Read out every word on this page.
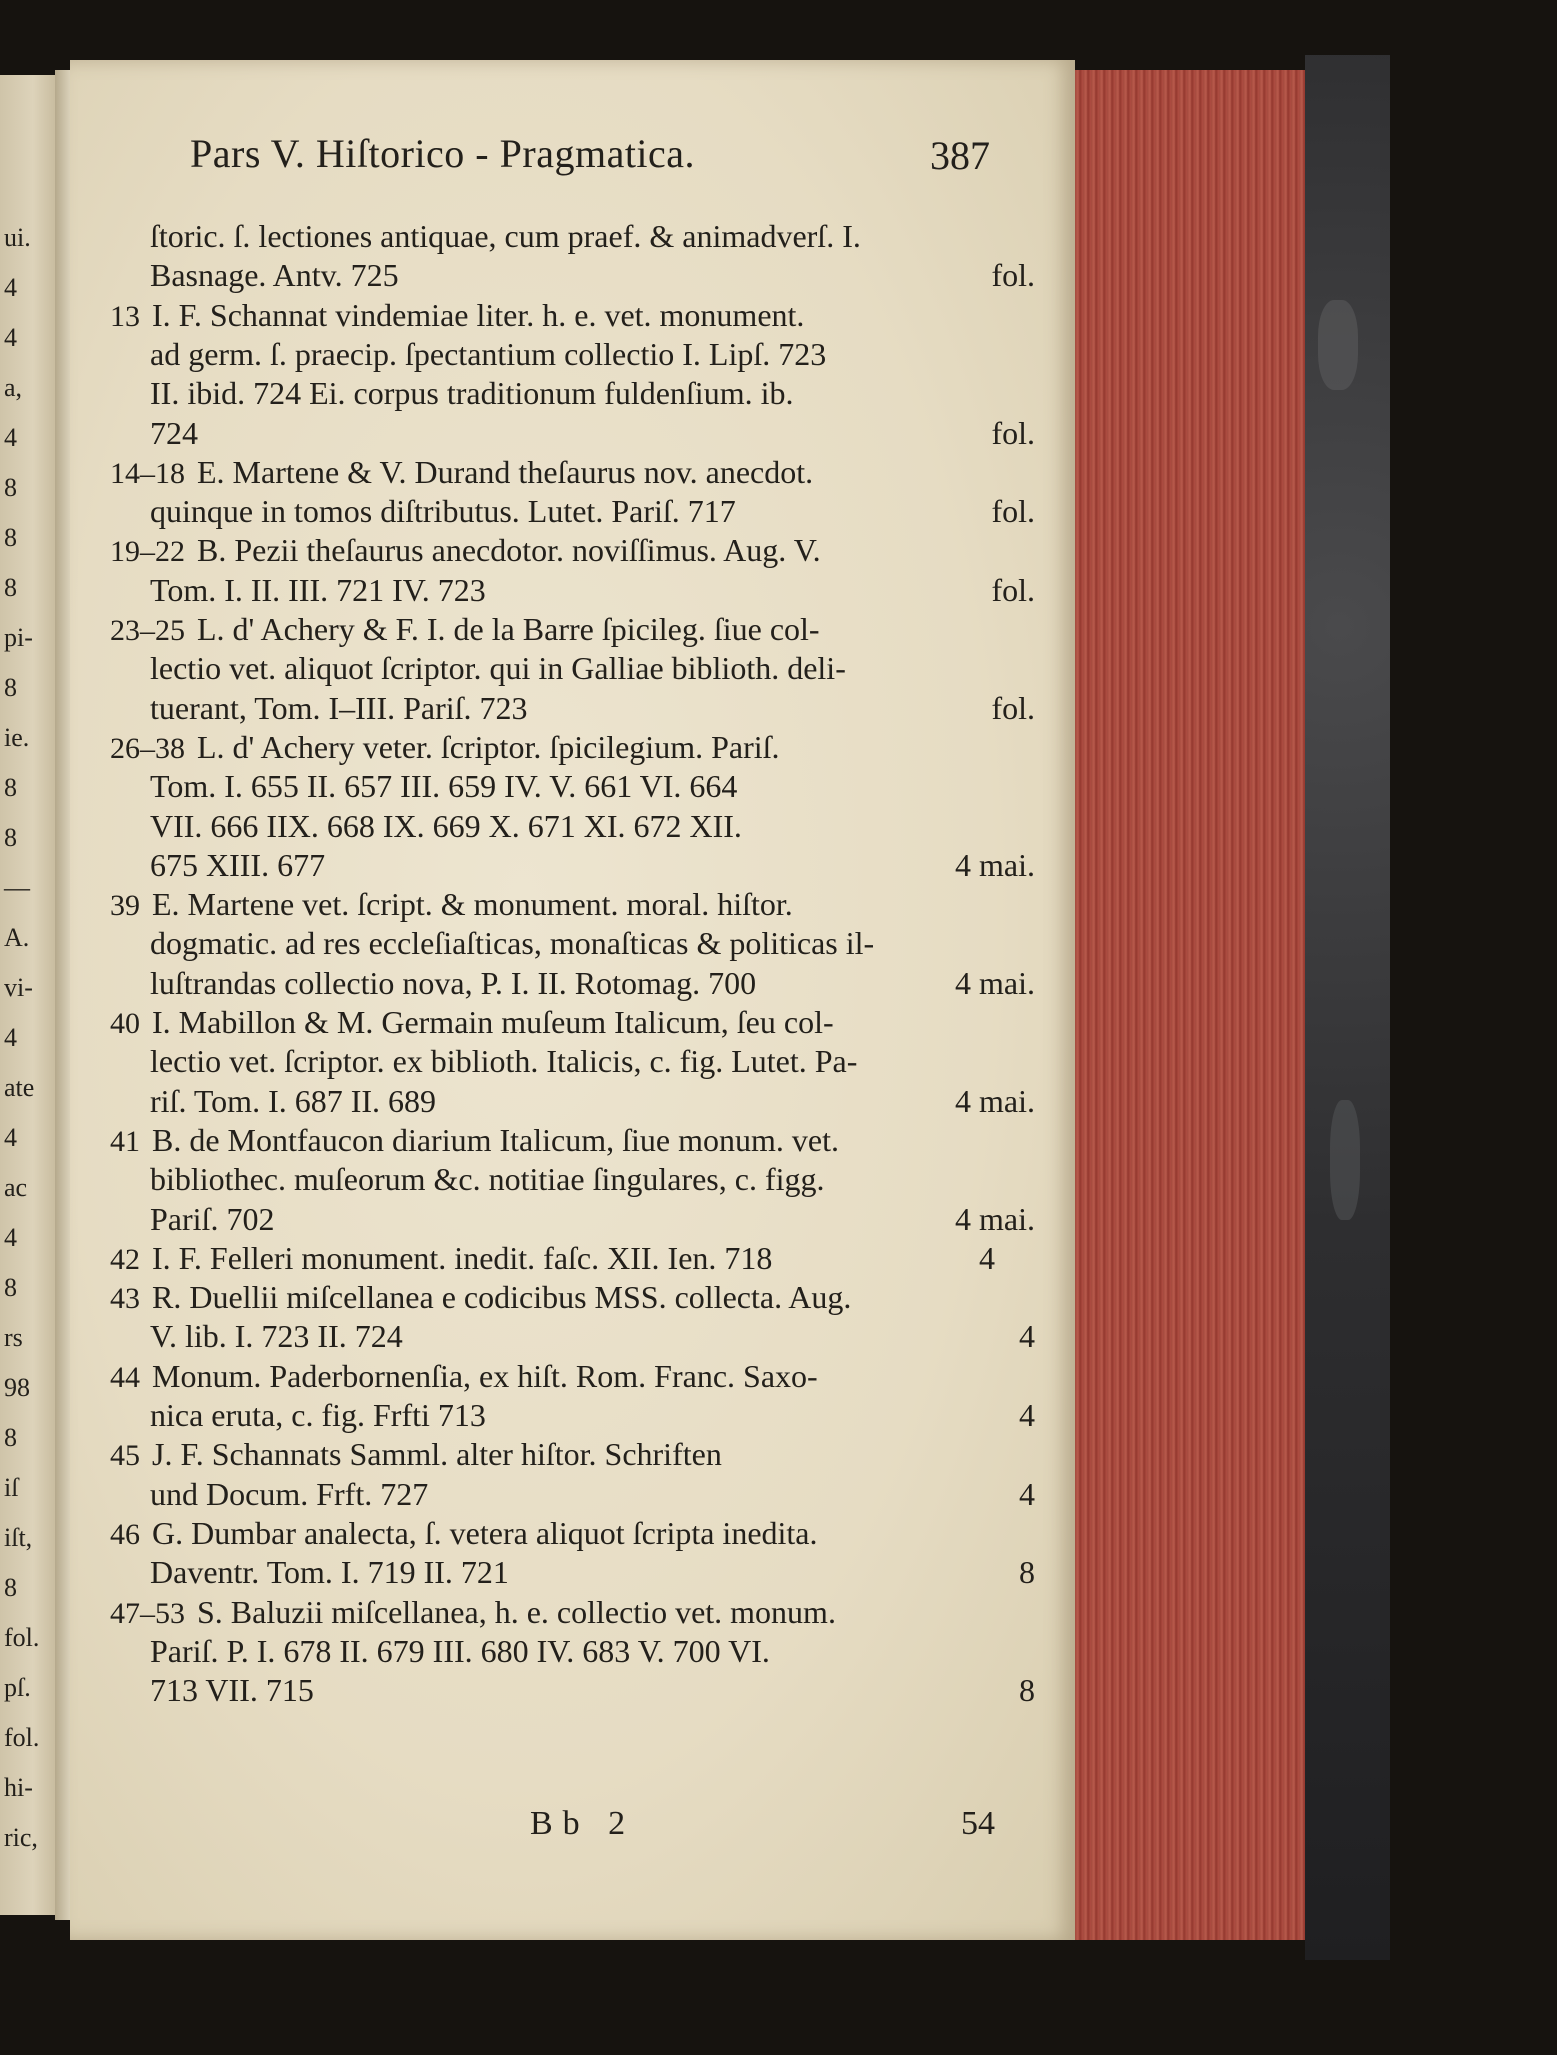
ui.
4
4
a,
4
8
8
8
pi-
8
ie.
8
8
—
A.
vi-
4
ate
4
ac
4
8
rs
98
8
iſ
iſt,
8
fol.
pſ.
fol.
hi-
ric,
Pars V. Hiſtorico - Pragmatica.	387
ſtoric. ſ. lectiones antiquae, cum praef. & animadverſ. I.
Basnage. Antv. 725	fol.
13 I. F. Schannat vindemiae liter. h. e. vet. monument.
ad germ. ſ. praecip. ſpectantium collectio I. Lipſ. 723
II. ibid. 724 Ei. corpus traditionum fuldenſium. ib.
724	fol.
14–18 E. Martene & V. Durand theſaurus nov. anecdot.
quinque in tomos diſtributus. Lutet. Pariſ. 717	fol.
19–22 B. Pezii theſaurus anecdotor. noviſſimus. Aug. V.
Tom. I. II. III. 721 IV. 723	fol.
23–25 L. d' Achery & F. I. de la Barre ſpicileg. ſiue col-
lectio vet. aliquot ſcriptor. qui in Galliae biblioth. deli-
tuerant, Tom. I–III. Pariſ. 723	fol.
26–38 L. d' Achery veter. ſcriptor. ſpicilegium. Pariſ.
Tom. I. 655 II. 657 III. 659 IV. V. 661 VI. 664
VII. 666 IIX. 668 IX. 669 X. 671 XI. 672 XII.
675 XIII. 677	4 mai.
39 E. Martene vet. ſcript. & monument. moral. hiſtor.
dogmatic. ad res eccleſiaſticas, monaſticas & politicas il-
luſtrandas collectio nova, P. I. II. Rotomag. 700	4 mai.
40 I. Mabillon & M. Germain muſeum Italicum, ſeu col-
lectio vet. ſcriptor. ex biblioth. Italicis, c. fig. Lutet. Pa-
riſ. Tom. I. 687 II. 689	4 mai.
41 B. de Montfaucon diarium Italicum, ſiue monum. vet.
bibliothec. muſeorum &c. notitiae ſingulares, c. figg.
Pariſ. 702	4 mai.
42 I. F. Felleri monument. inedit. faſc. XII. Ien. 718	4
43 R. Duellii miſcellanea e codicibus MSS. collecta. Aug.
V. lib. I. 723 II. 724	4
44 Monum. Paderbornenſia, ex hiſt. Rom. Franc. Saxo-
nica eruta, c. fig. Frfti 713	4
45 J. F. Schannats Samml. alter hiſtor. Schriften
und Docum. Frft. 727	4
46 G. Dumbar analecta, ſ. vetera aliquot ſcripta inedita.
Daventr. Tom. I. 719 II. 721	8
47–53 S. Baluzii miſcellanea, h. e. collectio vet. monum.
Pariſ. P. I. 678 II. 679 III. 680 IV. 683 V. 700 VI.
713 VII. 715	8
Bb 2	54
